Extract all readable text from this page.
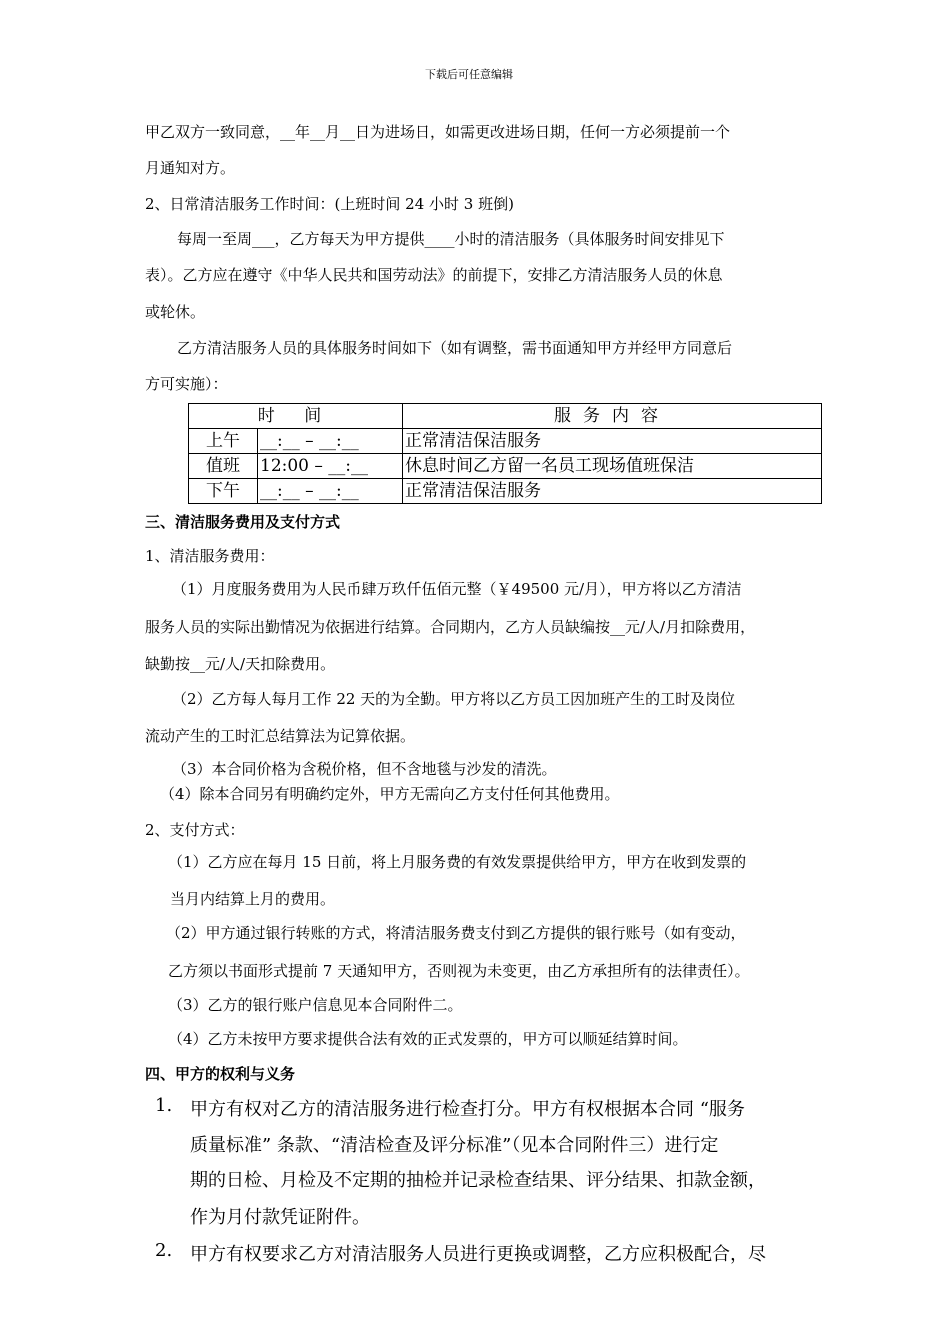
下载后可任意编辑
甲乙双方一致同意，__年__月__日为进场日，如需更改进场日期，任何一方必须提前一个
月通知对方。
2、日常清洁服务工作时间：(上班时间 24 小时 3 班倒)
每周一至周___，乙方每天为甲方提供____小时的清洁服务（具体服务时间安排见下
表）。乙方应在遵守《中华人民共和国劳动法》的前提下，安排乙方清洁服务人员的休息
或轮休。
乙方清洁服务人员的具体服务时间如下（如有调整，需书面通知甲方并经甲方同意后
方可实施）：
时 间		服务内容
上午	__:__ – __:__	正常清洁保洁服务
值班	12:00 – __:__	休息时间乙方留一名员工现场值班保洁
下午	__:__ – __:__	正常清洁保洁服务
三、清洁服务费用及支付方式
1、清洁服务费用：
（1）月度服务费用为人民币肆万玖仟伍佰元整（￥49500 元/月），甲方将以乙方清洁
服务人员的实际出勤情况为依据进行结算。合同期内，乙方人员缺编按__元/人/月扣除费用，
缺勤按__元/人/天扣除费用。
（2）乙方每人每月工作 22 天的为全勤。甲方将以乙方员工因加班产生的工时及岗位
流动产生的工时汇总结算法为记算依据。
（3）本合同价格为含税价格，但不含地毯与沙发的清洗。
（4）除本合同另有明确约定外，甲方无需向乙方支付任何其他费用。
2、支付方式：
（1）乙方应在每月 15 日前，将上月服务费的有效发票提供给甲方，甲方在收到发票的
当月内结算上月的费用。
（2）甲方通过银行转账的方式，将清洁服务费支付到乙方提供的银行账号（如有变动，
乙方须以书面形式提前 7 天通知甲方，否则视为未变更，由乙方承担所有的法律责任）。
（3）乙方的银行账户信息见本合同附件二。
（4）乙方未按甲方要求提供合法有效的正式发票的，甲方可以顺延结算时间。
四、甲方的权利与义务
1. 甲方有权对乙方的清洁服务进行检查打分。甲方有权根据本合同 “服务
质量标准” 条款、“清洁检查及评分标准”（见本合同附件三）进行定
期的日检、月检及不定期的抽检并记录检查结果、评分结果、扣款金额，
作为月付款凭证附件。
2. 甲方有权要求乙方对清洁服务人员进行更换或调整，乙方应积极配合，尽
